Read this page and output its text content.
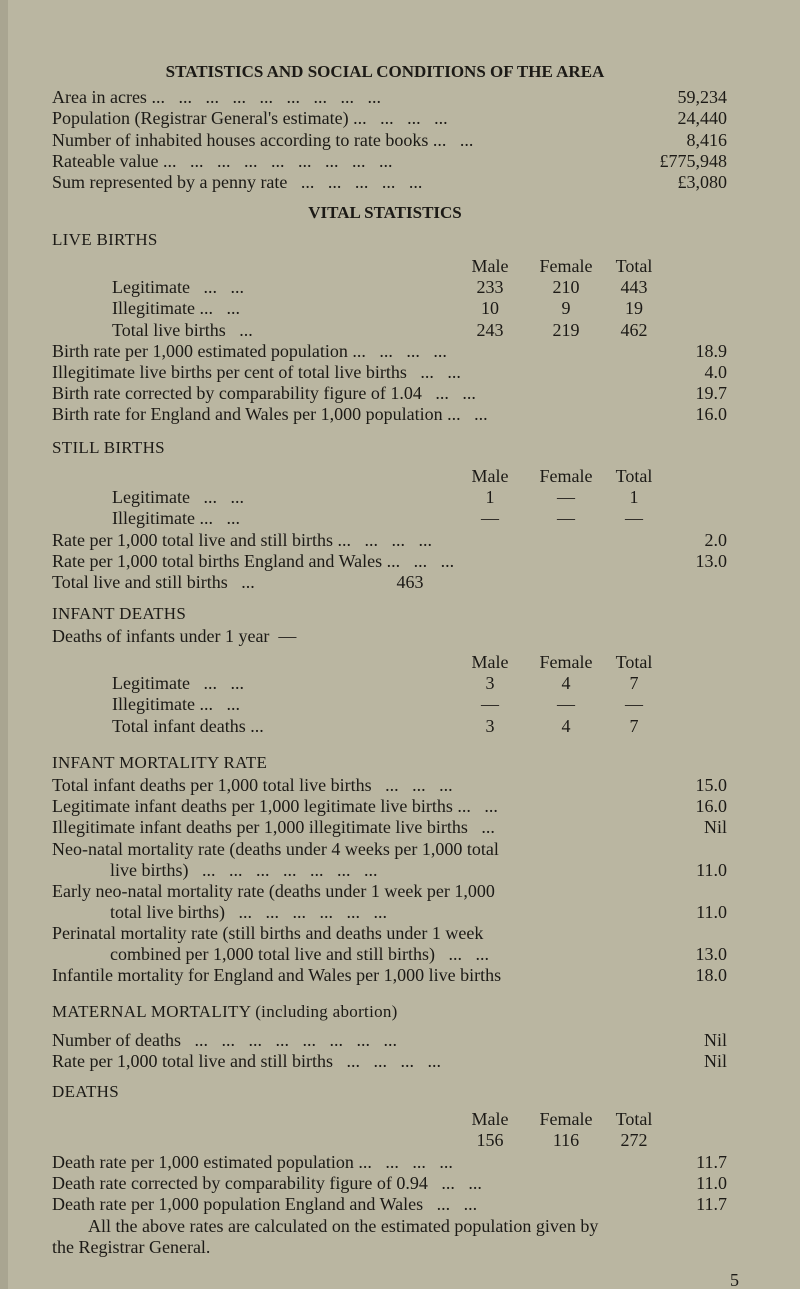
STATISTICS AND SOCIAL CONDITIONS OF THE AREA
Area in acres ...   ...   ...   ...   ...   ...   ...   ...   ...	59,234
Population (Registrar General's estimate) ...   ...   ...   ...	24,440
Number of inhabited houses according to rate books ...   ...	8,416
Rateable value ...   ...   ...   ...   ...   ...   ...   ...   ...	£775,948
Sum represented by a penny rate   ...   ...   ...   ...   ...	£3,080
VITAL STATISTICS
LIVE BIRTHS
Male	Female	Total
Legitimate   ...   ...	233	210	443
Illegitimate ...   ...	10	9	19
Total live births   ...	243	219	462
Birth rate per 1,000 estimated population ...   ...   ...   ...	18.9
Illegitimate live births per cent of total live births   ...   ...	4.0
Birth rate corrected by comparability figure of 1.04   ...   ...	19.7
Birth rate for England and Wales per 1,000 population ...   ...	16.0
STILL BIRTHS
Male	Female	Total
Legitimate   ...   ...	1	—	1
Illegitimate ...   ...	—	—	—
Rate per 1,000 total live and still births ...   ...   ...   ...	2.0
Rate per 1,000 total births England and Wales ...   ...   ...	13.0
Total live and still births   ...	463
INFANT DEATHS
Deaths of infants under 1 year  —
Male	Female	Total
Legitimate   ...   ...	3	4	7
Illegitimate ...   ...	—	—	—
Total infant deaths ...	3	4	7
INFANT MORTALITY RATE
Total infant deaths per 1,000 total live births   ...   ...   ...	15.0
Legitimate infant deaths per 1,000 legitimate live births ...   ...	16.0
Illegitimate infant deaths per 1,000 illegitimate live births   ...	Nil
Neo-natal mortality rate (deaths under 4 weeks per 1,000 total
live births)   ...   ...   ...   ...   ...   ...   ...	11.0
Early neo-natal mortality rate (deaths under 1 week per 1,000
total live births)   ...   ...   ...   ...   ...   ...	11.0
Perinatal mortality rate (still births and deaths under 1 week
combined per 1,000 total live and still births)   ...   ...	13.0
Infantile mortality for England and Wales per 1,000 live births	18.0
MATERNAL MORTALITY (including abortion)
Number of deaths   ...   ...   ...   ...   ...   ...   ...   ...	Nil
Rate per 1,000 total live and still births   ...   ...   ...   ...	Nil
DEATHS
Male	Female	Total
156	116	272
Death rate per 1,000 estimated population ...   ...   ...   ...	11.7
Death rate corrected by comparability figure of 0.94   ...   ...	11.0
Death rate per 1,000 population England and Wales   ...   ...	11.7
All the above rates are calculated on the estimated population given by
the Registrar General.
5
